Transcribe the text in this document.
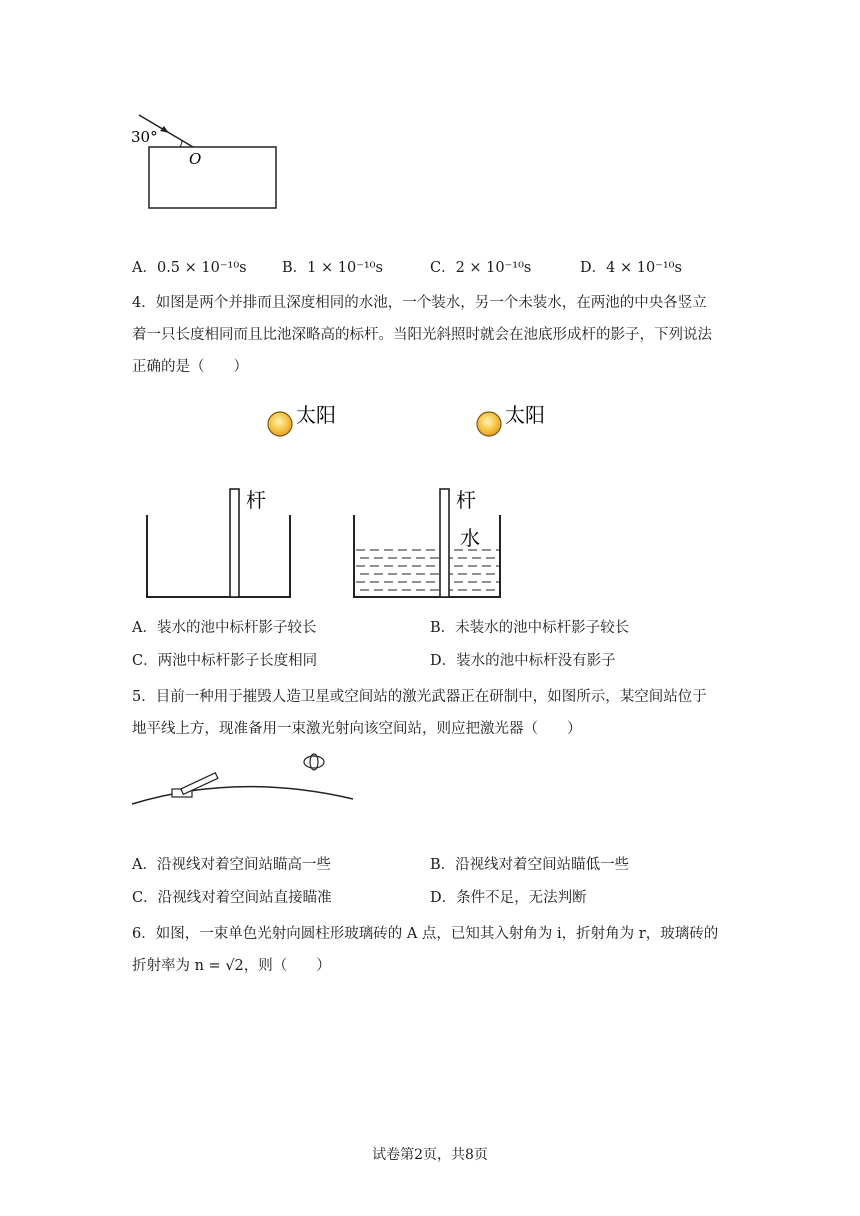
30°
O
A．0.5 × 10⁻¹⁰s B．1 × 10⁻¹⁰s	C．2 × 10⁻¹⁰s	D．4 × 10⁻¹⁰s
4．如图是两个并排而且深度相同的水池，一个装水，另一个未装水，在两池的中央各竖立
着一只长度相同而且比池深略高的标杆。当阳光斜照时就会在池底形成杆的影子，下列说法
正确的是（　　）
太阳	太阳
杆	杆
水
A．装水的池中标杆影子较长	B．未装水的池中标杆影子较长
C．两池中标杆影子长度相同	D．装水的池中标杆没有影子
5．目前一种用于摧毁人造卫星或空间站的激光武器正在研制中，如图所示，某空间站位于
地平线上方，现准备用一束激光射向该空间站，则应把激光器（　　）
A．沿视线对着空间站瞄高一些	B．沿视线对着空间站瞄低一些
C．沿视线对着空间站直接瞄准	D．条件不足，无法判断
6．如图，一束单色光射向圆柱形玻璃砖的 A 点，已知其入射角为 i，折射角为 r，玻璃砖的
折射率为 n = √2，则（　　）
试卷第2页，共8页
